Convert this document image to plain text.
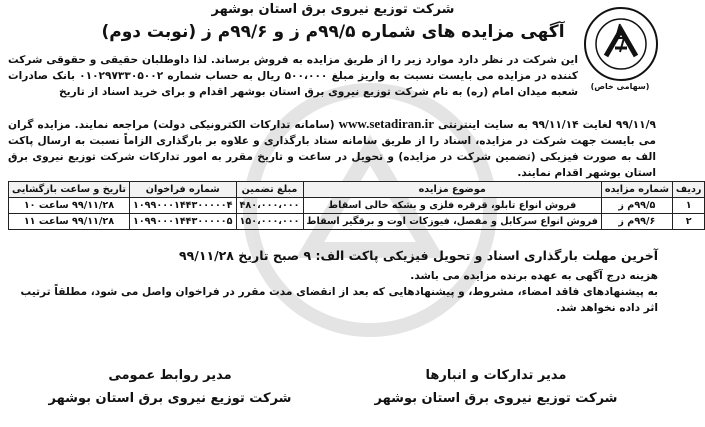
(سهامی خاص)
شرکت توزیع نیروی برق استان بوشهر
آگهی مزایده های شماره ۹۹/۵م ز و ۹۹/۶م ز (نوبت دوم)
این شرکت در نظر دارد موارد زیر را از طریق مزایده به فروش برساند. لذا داوطلبان حقیقی و حقوقی شرکت کننده در مزایده می بایست نسبت به واریز مبلغ ۵۰۰،۰۰۰ ریال به حساب شماره ۰۱۰۲۹۷۳۳۰۵۰۰۲ بانک صادرات شعبه میدان امام (ره) به نام شرکت توزیع نیروی برق استان بوشهر اقدام و برای خرید اسناد از تاریخ
۹۹/۱۱/۹ لغایت ۹۹/۱۱/۱۴ به سایت اینترنتی www.setadiran.ir (سامانه تدارکات الکترونیکی دولت) مراجعه نمایند. مزایده گران می بایست جهت شرکت در مزایده، اسناد را از طریق سامانه ستاد بارگذاری و علاوه بر بارگذاری الزاماً نسبت به ارسال پاکت الف به صورت فیزیکی (تضمین شرکت در مزایده) و تحویل در ساعت و تاریخ مقرر به امور تدارکات شرکت توزیع نیروی برق استان بوشهر اقدام نمایند.
ردیف	شماره مزایده	موضوع مزایده	مبلغ تضمین	شماره فراخوان	تاریخ و ساعت بازگشایی
۱	۹۹/۵م ز	فروش انواع تابلو، قرقره فلزی و بشکه خالی اسقاط	۴۸۰،۰۰۰،۰۰۰	۱۰۹۹۰۰۰۱۴۴۳۰۰۰۰۰۴	۹۹/۱۱/۲۸ ساعت ۱۰
۲	۹۹/۶م ز	فروش انواع سرکابل و مفصل، فیوزکات اوت و برقگیر اسقاط	۱۵۰،۰۰۰،۰۰۰	۱۰۹۹۰۰۰۱۴۴۳۰۰۰۰۰۵	۹۹/۱۱/۲۸ ساعت ۱۱
آخرین مهلت بارگذاری اسناد و تحویل فیزیکی پاکت الف: ۹ صبح تاریخ ۹۹/۱۱/۲۸
هزینه درج آگهی به عهده برنده مزایده می باشد.
به پیشنهادهای فاقد امضاء، مشروط، و پیشنهادهایی که بعد از انقضای مدت مقرر در فراخوان واصل می شود، مطلقاً ترتیب اثر داده نخواهد شد.
مدیر تدارکات و انبارها
شرکت توزیع نیروی برق استان بوشهر
مدیر روابط عمومی
شرکت توزیع نیروی برق استان بوشهر
